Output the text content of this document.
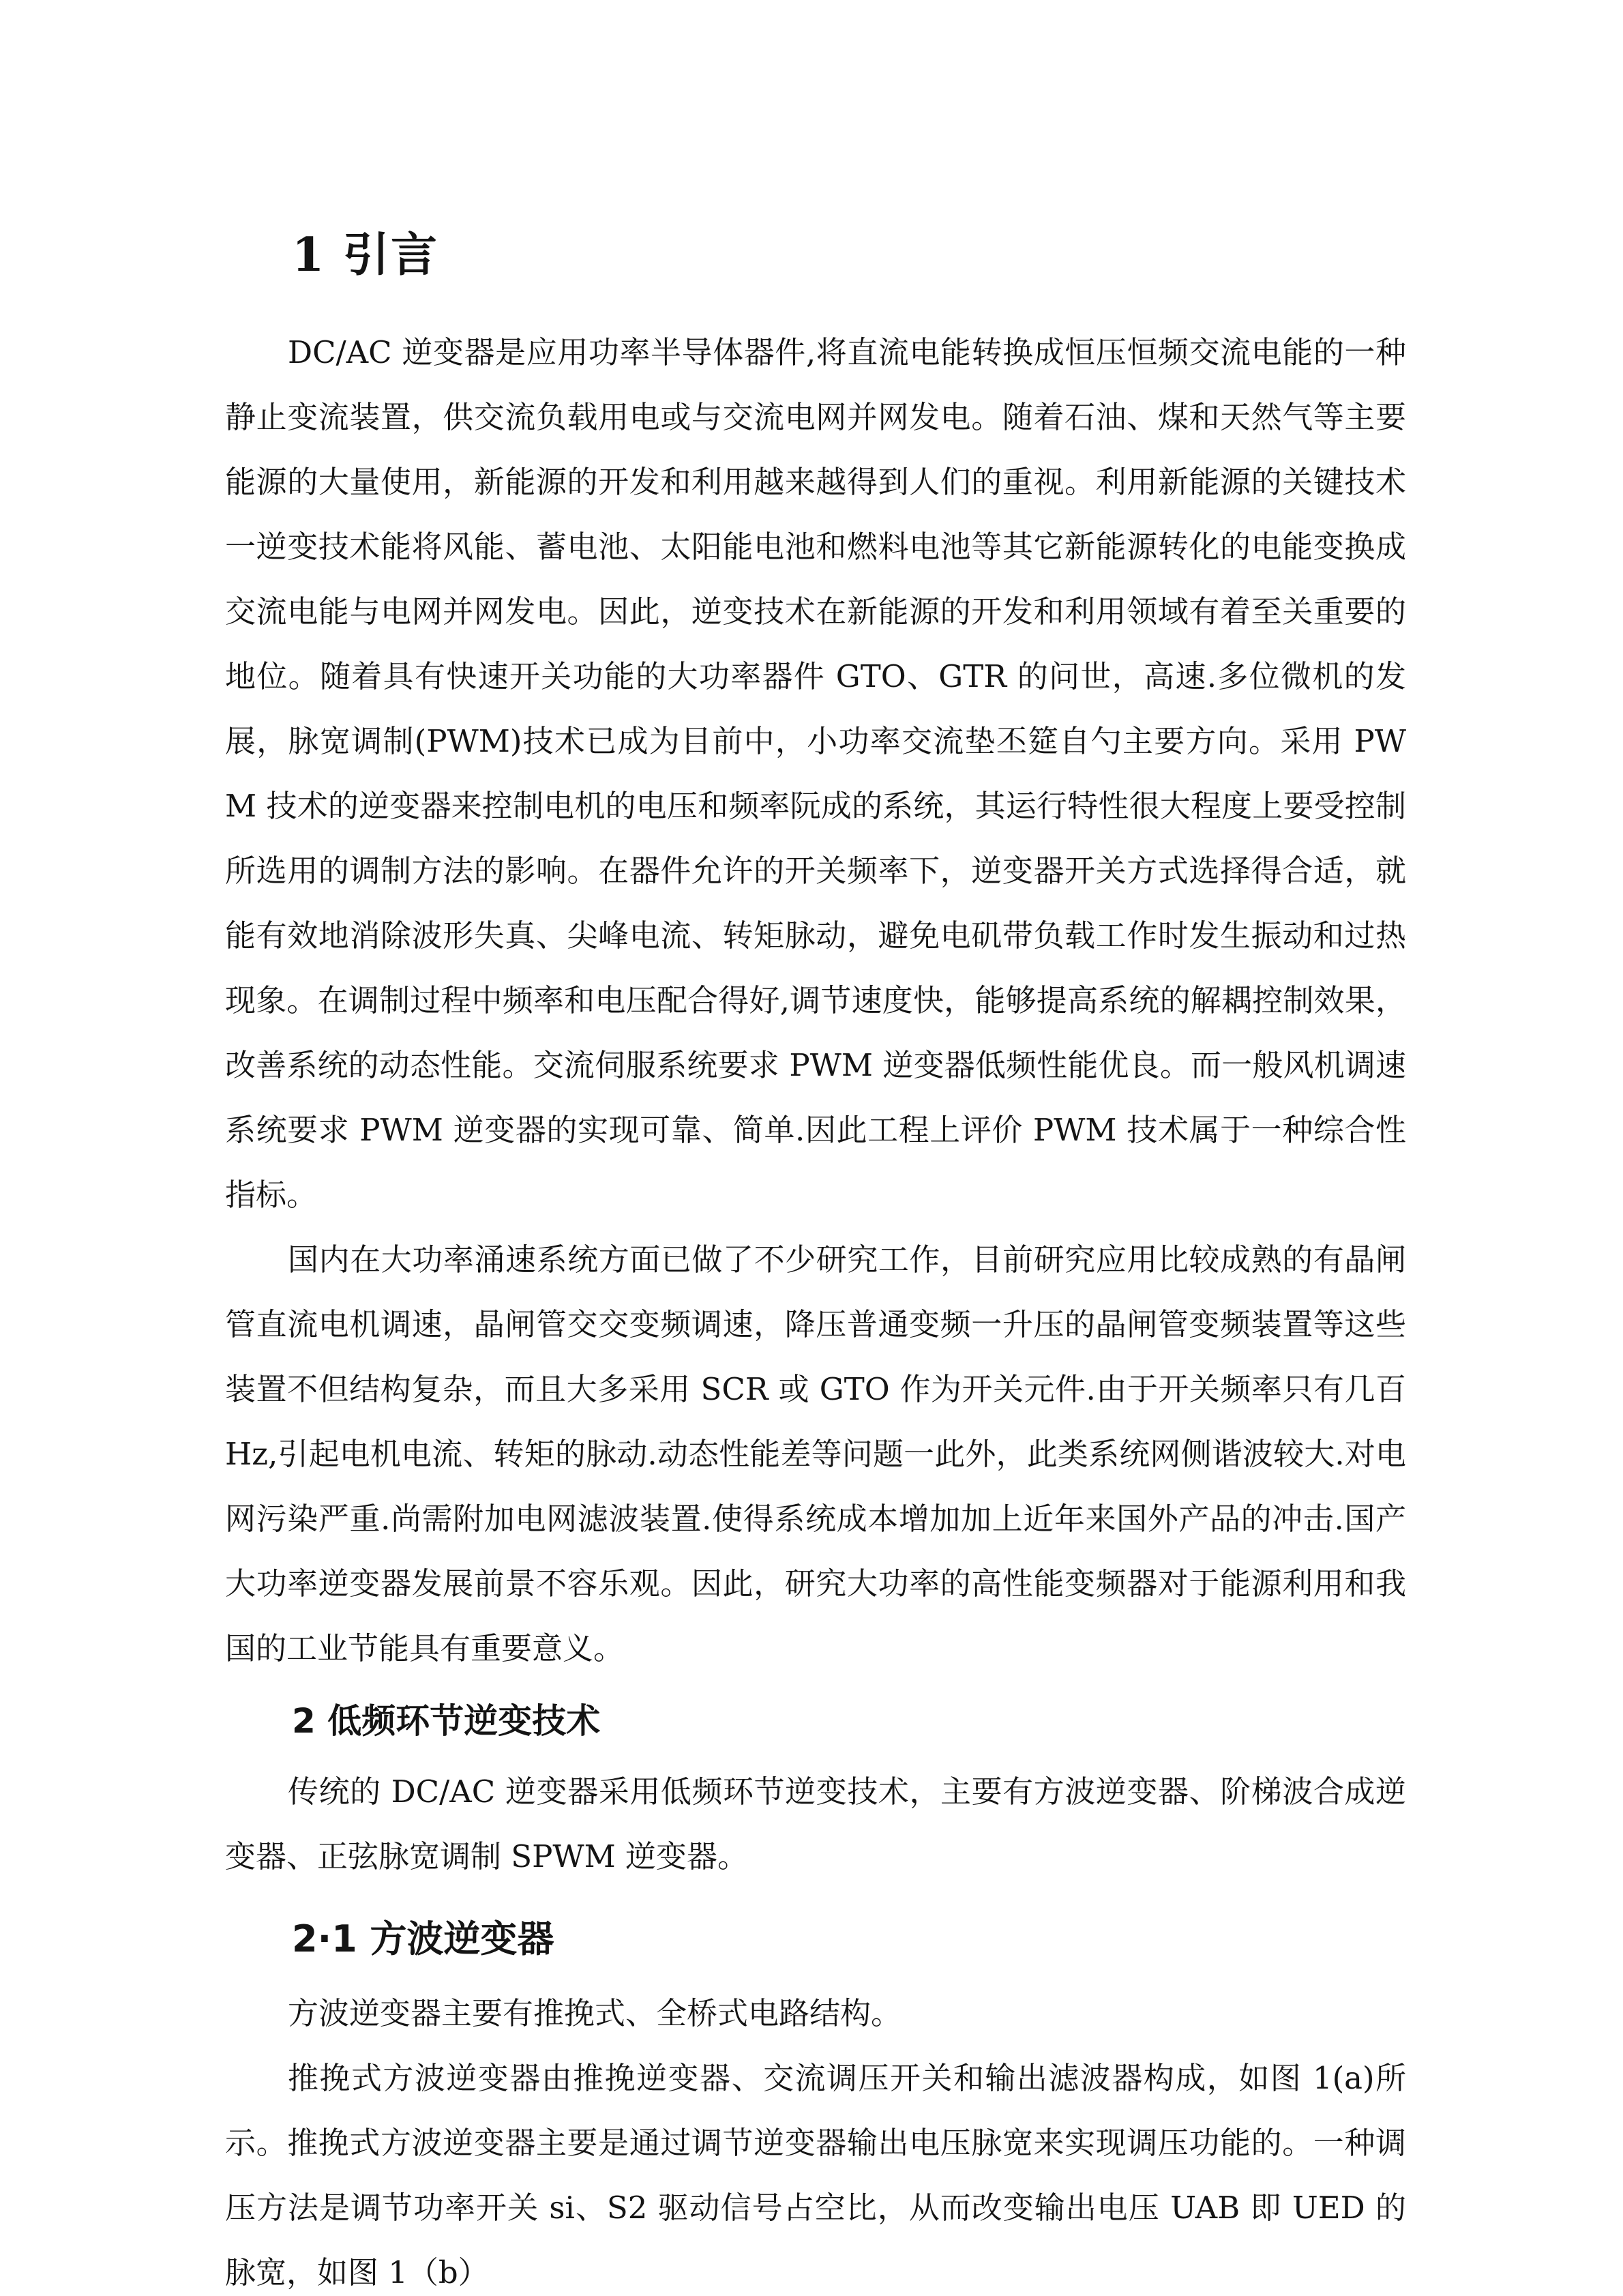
1 引言

DC/AC 逆变器是应用功率半导体器件,将直流电能转换成恒压恒频交流电能的一种静止变流装置，供交流负载用电或与交流电网并网发电。随着石油、煤和天然气等主要能源的大量使用，新能源的开发和利用越来越得到人们的重视。利用新能源的关键技术一逆变技术能将风能、蓄电池、太阳能电池和燃料电池等其它新能源转化的电能变换成交流电能与电网并网发电。因此，逆变技术在新能源的开发和利用领域有着至关重要的地位。随着具有快速开关功能的大功率器件 GTO、GTR 的问世，高速.多位微机的发展，脉宽调制(PWM)技术已成为目前中，小功率交流垫丕筵自勺主要方向。采用 PWM 技术的逆变器来控制电机的电压和频率阮成的系统，其运行特性很大程度上要受控制所选用的调制方法的影响。在器件允许的开关频率下，逆变器开关方式选择得合适，就能有效地消除波形失真、尖峰电流、转矩脉动，避免电矶带负载工作时发生振动和过热现象。在调制过程中频率和电压配合得好,调节速度快，能够提高系统的解耦控制效果，改善系统的动态性能。交流伺服系统要求 PWM 逆变器低频性能优良。而一般风机调速系统要求 PWM 逆变器的实现可靠、简单.因此工程上评价 PWM 技术属于一种综合性指标。

国内在大功率涌速系统方面已做了不少研究工作，目前研究应用比较成熟的有晶闸管直流电机调速，晶闸管交交变频调速，降压普通变频一升压的晶闸管变频装置等这些装置不但结构复杂，而且大多采用 SCR 或 GTO 作为开关元件.由于开关频率只有几百 Hz,引起电机电流、转矩的脉动.动态性能差等问题一此外，此类系统网侧谐波较大.对电网污染严重.尚需附加电网滤波装置.使得系统成本增加加上近年来国外产品的冲击.国产大功率逆变器发展前景不容乐观。因此，研究大功率的高性能变频器对于能源利用和我国的工业节能具有重要意义。

2 低频环节逆变技术

传统的 DC/AC 逆变器采用低频环节逆变技术，主要有方波逆变器、阶梯波合成逆变器、正弦脉宽调制 SPWM 逆变器。

2·1 方波逆变器

方波逆变器主要有推挽式、全桥式电路结构。

推挽式方波逆变器由推挽逆变器、交流调压开关和输出滤波器构成，如图 1(a)所示。推挽式方波逆变器主要是通过调节逆变器输出电压脉宽来实现调压功能的。一种调压方法是调节功率开关 si、S2 驱动信号占空比，从而改变输出电压 UAB 即 UED 的脉宽，如图 1（b）
